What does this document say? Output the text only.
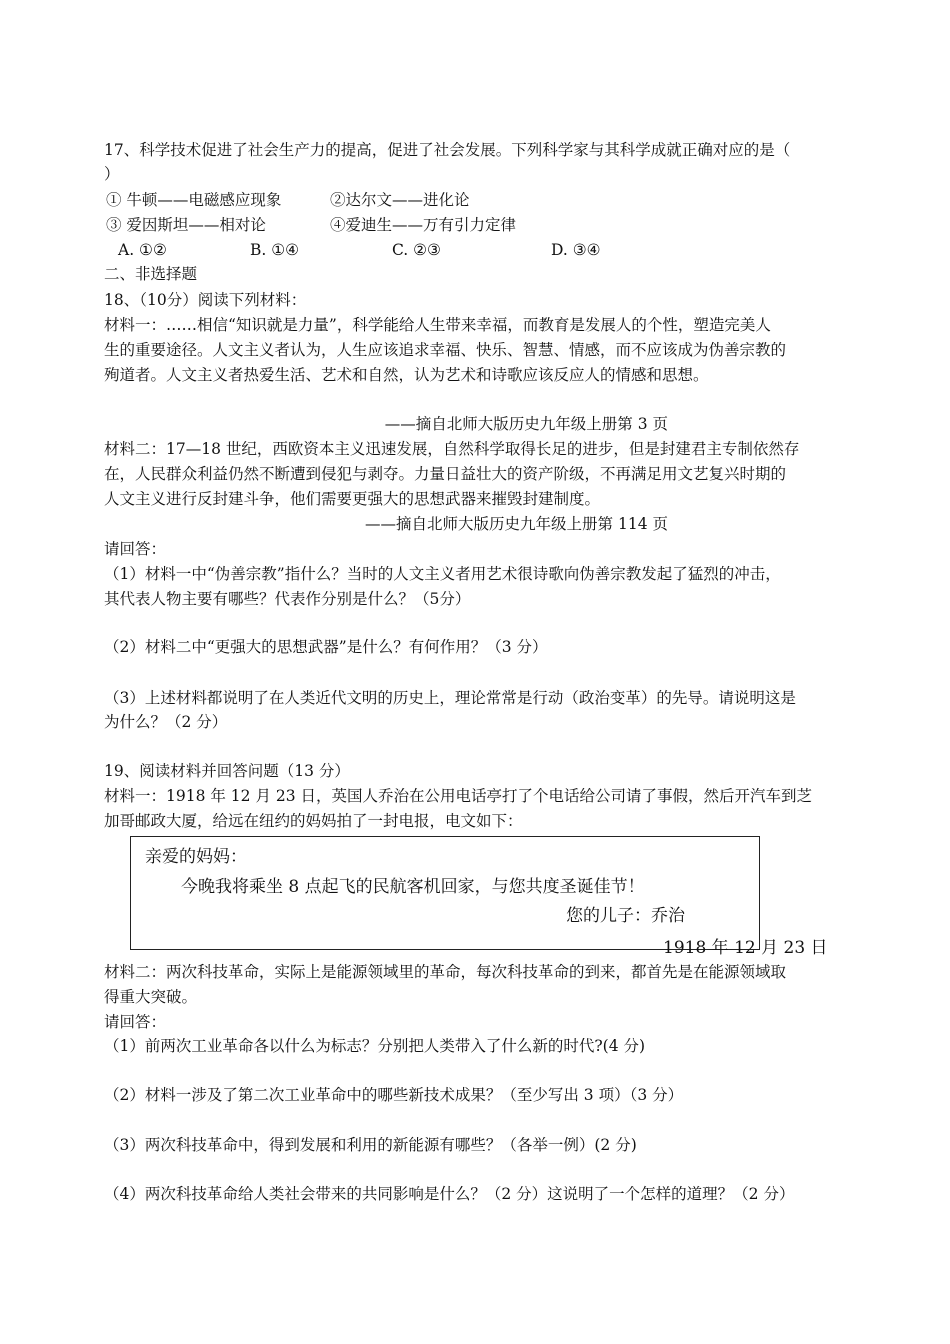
17、科学技术促进了社会生产力的提高，促进了社会发展。下列科学家与其科学成就正确对应的是（
）
① 牛顿——电磁感应现象	②达尔文——进化论
③ 爱因斯坦——相对论	④爱迪生——万有引力定律
A. ①②	B. ①④	C. ②③	D. ③④
二、非选择题
18、（10分）阅读下列材料：
材料一：……相信“知识就是力量”，科学能给人生带来幸福，而教育是发展人的个性，塑造完美人
生的重要途径。人文主义者认为，人生应该追求幸福、快乐、智慧、情感，而不应该成为伪善宗教的
殉道者。人文主义者热爱生活、艺术和自然，认为艺术和诗歌应该反应人的情感和思想。
——摘自北师大版历史九年级上册第 3 页
材料二：17—18 世纪，西欧资本主义迅速发展，自然科学取得长足的进步，但是封建君主专制依然存
在，人民群众利益仍然不断遭到侵犯与剥夺。力量日益壮大的资产阶级，不再满足用文艺复兴时期的
人文主义进行反封建斗争，他们需要更强大的思想武器来摧毁封建制度。
——摘自北师大版历史九年级上册第 114 页
请回答：
（1）材料一中“伪善宗教”指什么？当时的人文主义者用艺术很诗歌向伪善宗教发起了猛烈的冲击，
其代表人物主要有哪些？代表作分别是什么？（5分）
（2）材料二中“更强大的思想武器”是什么？有何作用？（3 分）
（3）上述材料都说明了在人类近代文明的历史上，理论常常是行动（政治变革）的先导。请说明这是
为什么？（2 分）
19、阅读材料并回答问题（13 分）
材料一：1918 年 12 月 23 日，英国人乔治在公用电话亭打了个电话给公司请了事假，然后开汽车到芝
加哥邮政大厦，给远在纽约的妈妈拍了一封电报，电文如下：
亲爱的妈妈：
今晚我将乘坐 8 点起飞的民航客机回家，与您共度圣诞佳节！
您的儿子：乔治
1918 年 12 月 23 日
材料二：两次科技革命，实际上是能源领域里的革命，每次科技革命的到来，都首先是在能源领域取
得重大突破。
请回答：
（1）前两次工业革命各以什么为标志？分别把人类带入了什么新的时代?(4 分)
（2）材料一涉及了第二次工业革命中的哪些新技术成果？（至少写出 3 项）（3 分）
（3）两次科技革命中，得到发展和利用的新能源有哪些？（各举一例）(2 分)
（4）两次科技革命给人类社会带来的共同影响是什么？（2 分）这说明了一个怎样的道理？（2 分）
